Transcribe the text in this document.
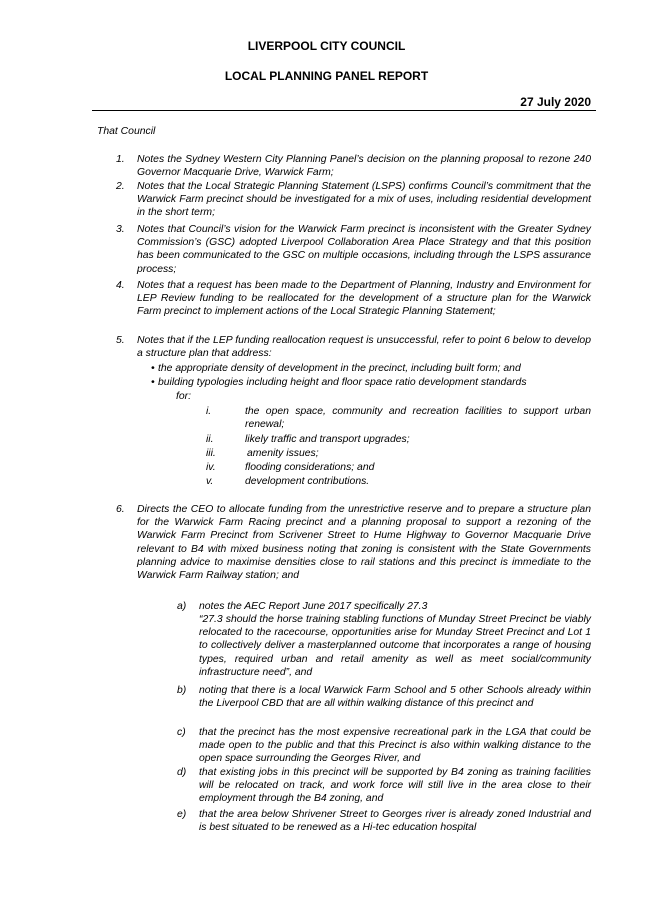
LIVERPOOL CITY COUNCIL
LOCAL PLANNING PANEL REPORT
27 July 2020
That Council
1. Notes the Sydney Western City Planning Panel’s decision on the planning proposal to rezone 240 Governor Macquarie Drive, Warwick Farm;
2. Notes that the Local Strategic Planning Statement (LSPS) confirms Council’s commitment that the Warwick Farm precinct should be investigated for a mix of uses, including residential development in the short term;
3. Notes that Council’s vision for the Warwick Farm precinct is inconsistent with the Greater Sydney Commission’s (GSC) adopted Liverpool Collaboration Area Place Strategy and that this position has been communicated to the GSC on multiple occasions, including through the LSPS assurance process;
4. Notes that a request has been made to the Department of Planning, Industry and Environment for LEP Review funding to be reallocated for the development of a structure plan for the Warwick Farm precinct to implement actions of the Local Strategic Planning Statement;
5. Notes that if the LEP funding reallocation request is unsuccessful, refer to point 6 below to develop a structure plan that address:
• the appropriate density of development in the precinct, including built form; and
• building typologies including height and floor space ratio development standards
for:
i.	the open space, community and recreation facilities to support urban renewal;
ii.	likely traffic and transport upgrades;
iii.	amenity issues;
iv.	flooding considerations; and
v.	development contributions.
6. Directs the CEO to allocate funding from the unrestrictive reserve and to prepare a structure plan for the Warwick Farm Racing precinct and a planning proposal to support a rezoning of the Warwick Farm Precinct from Scrivener Street to Hume Highway to Governor Macquarie Drive relevant to B4 with mixed business noting that zoning is consistent with the State Governments planning advice to maximise densities close to rail stations and this precinct is immediate to the Warwick Farm Railway station; and
a) notes the AEC Report June 2017 specifically 27.3
“27.3 should the horse training stabling functions of Munday Street Precinct be viably relocated to the racecourse, opportunities arise for Munday Street Precinct and Lot 1 to collectively deliver a masterplanned outcome that incorporates a range of housing types, required urban and retail amenity as well as meet social/community infrastructure need”, and
b) noting that there is a local Warwick Farm School and 5 other Schools already within the Liverpool CBD that are all within walking distance of this precinct and
c) that the precinct has the most expensive recreational park in the LGA that could be made open to the public and that this Precinct is also within walking distance to the open space surrounding the Georges River, and
d) that existing jobs in this precinct will be supported by B4 zoning as training facilities will be relocated on track, and work force will still live in the area close to their employment through the B4 zoning, and
e) that the area below Shrivener Street to Georges river is already zoned Industrial and is best situated to be renewed as a Hi-tec education hospital
